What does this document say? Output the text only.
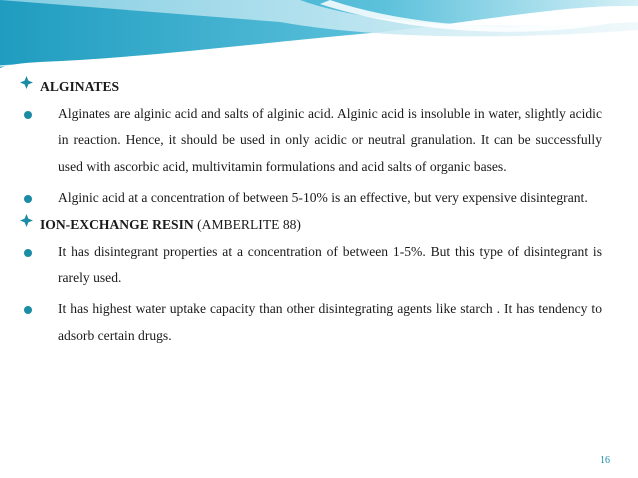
ALGINATES
Alginates are alginic acid and salts of alginic acid. Alginic acid is insoluble in water, slightly acidic in reaction. Hence, it should be used in only acidic or neutral granulation. It can be successfully used with ascorbic acid, multivitamin formulations and acid salts of organic bases.
Alginic acid at a concentration of between 5-10% is an effective, but very expensive disintegrant.
ION-EXCHANGE RESIN (AMBERLITE 88)
It has disintegrant properties at a concentration of between 1-5%. But this type of disintegrant is rarely used.
It has highest water uptake capacity than other disintegrating agents like starch . It has tendency to adsorb certain drugs.
16
